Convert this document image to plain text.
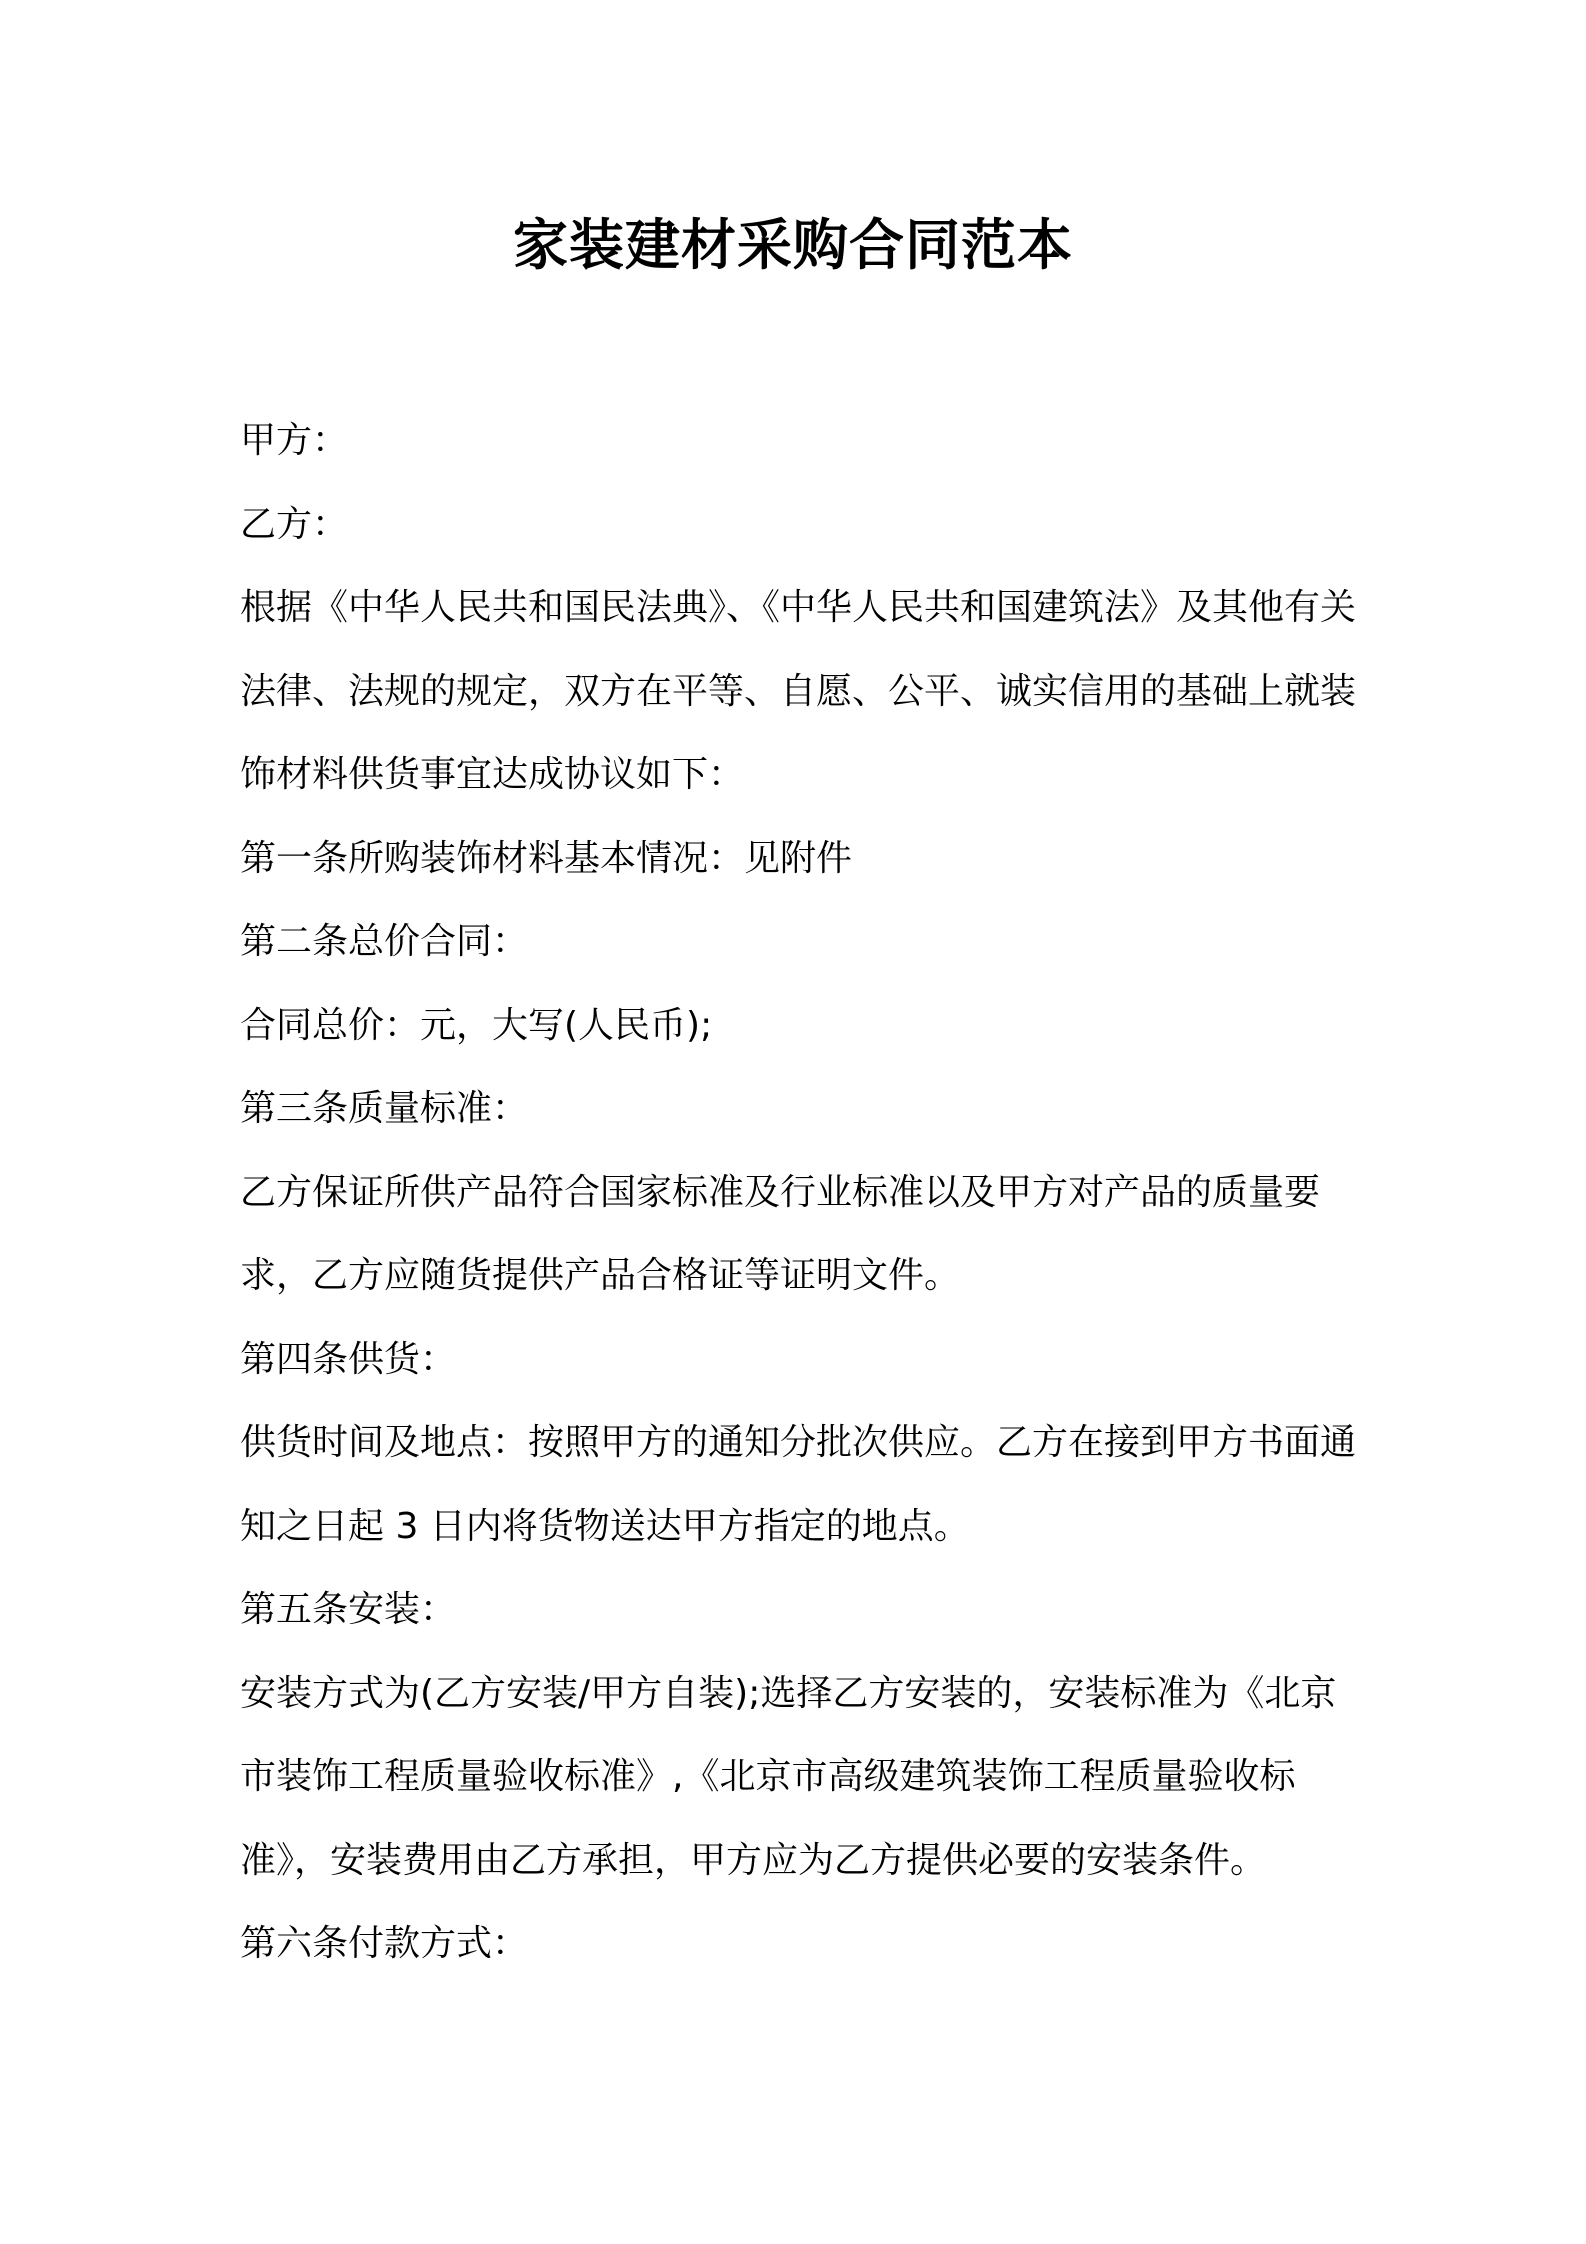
家装建材采购合同范本

甲方：

乙方：

根据《中华人民共和国民法典》、《中华人民共和国建筑法》及其他有关法律、法规的规定，双方在平等、自愿、公平、诚实信用的基础上就装饰材料供货事宜达成协议如下：

第一条所购装饰材料基本情况：见附件

第二条总价合同：

合同总价：元，大写(人民币);

第三条质量标准：

乙方保证所供产品符合国家标准及行业标准以及甲方对产品的质量要求，乙方应随货提供产品合格证等证明文件。

第四条供货：

供货时间及地点：按照甲方的通知分批次供应。乙方在接到甲方书面通知之日起 3 日内将货物送达甲方指定的地点。

第五条安装：

安装方式为(乙方安装/甲方自装);选择乙方安装的，安装标准为《北京市装饰工程质量验收标准》,《北京市高级建筑装饰工程质量验收标准》，安装费用由乙方承担，甲方应为乙方提供必要的安装条件。

第六条付款方式：
